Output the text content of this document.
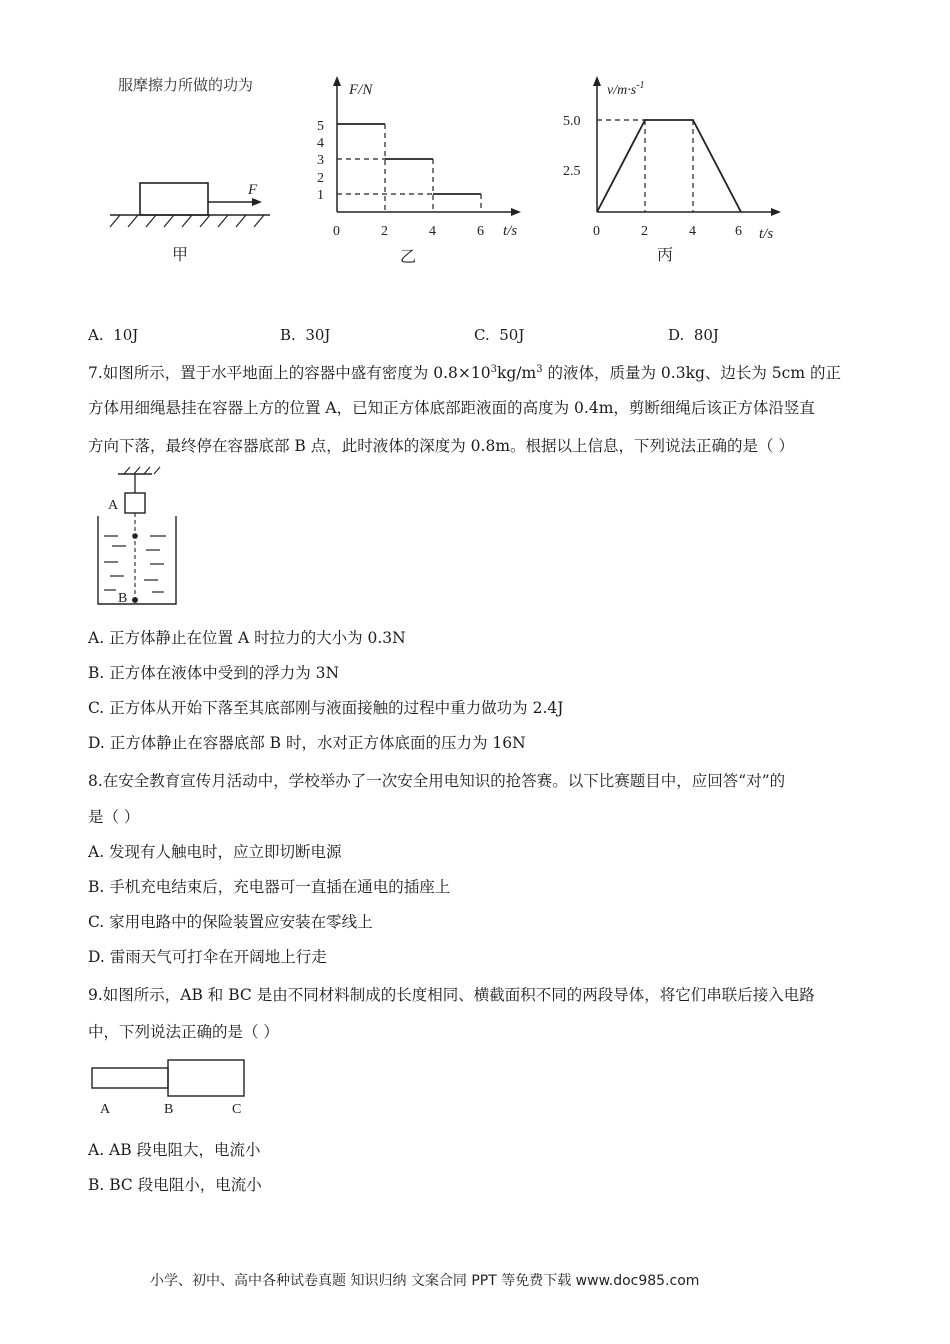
服摩擦力所做的功为
F
甲
F/N
t/s
5
4
3
2
1
0	2	4	6
乙
$v/m\cdot s^{-1}$
t/s
5.0
2.5
0	2	4	6
丙
A. 10J	B. 30J	C. 50J	D. 80J
7.如图所示，置于水平地面上的容器中盛有密度为 $0.8\times 10^3kg/m^3$ 的液体，质量为 0.3kg、边长为 5cm 的正
方体用细绳悬挂在容器上方的位置 A，已知正方体底部距液面的高度为 0.4m，剪断细绳后该正方体沿竖直
方向下落，最终停在容器底部 B 点，此时液体的深度为 0.8m。根据以上信息，下列说法正确的是（ ）
A
B
A. 正方体静止在位置 A 时拉力的大小为 0.3N
B. 正方体在液体中受到的浮力为 3N
C. 正方体从开始下落至其底部刚与液面接触的过程中重力做功为 2.4J
D. 正方体静止在容器底部 B 时，水对正方体底面的压力为 16N
8.在安全教育宣传月活动中，学校举办了一次安全用电知识的抢答赛。以下比赛题目中，应回答“对”的
是（ ）
A. 发现有人触电时，应立即切断电源
B. 手机充电结束后，充电器可一直插在通电的插座上
C. 家用电路中的保险装置应安装在零线上
D. 雷雨天气可打伞在开阔地上行走
9.如图所示，AB 和 BC 是由不同材料制成的长度相同、横截面积不同的两段导体，将它们串联后接入电路
中，下列说法正确的是（ ）
A	B	C
A. AB 段电阻大，电流小
B. BC 段电阻小，电流小
小学、初中、高中各种试卷真题 知识归纳 文案合同 PPT 等免费下载 www.doc985.com
